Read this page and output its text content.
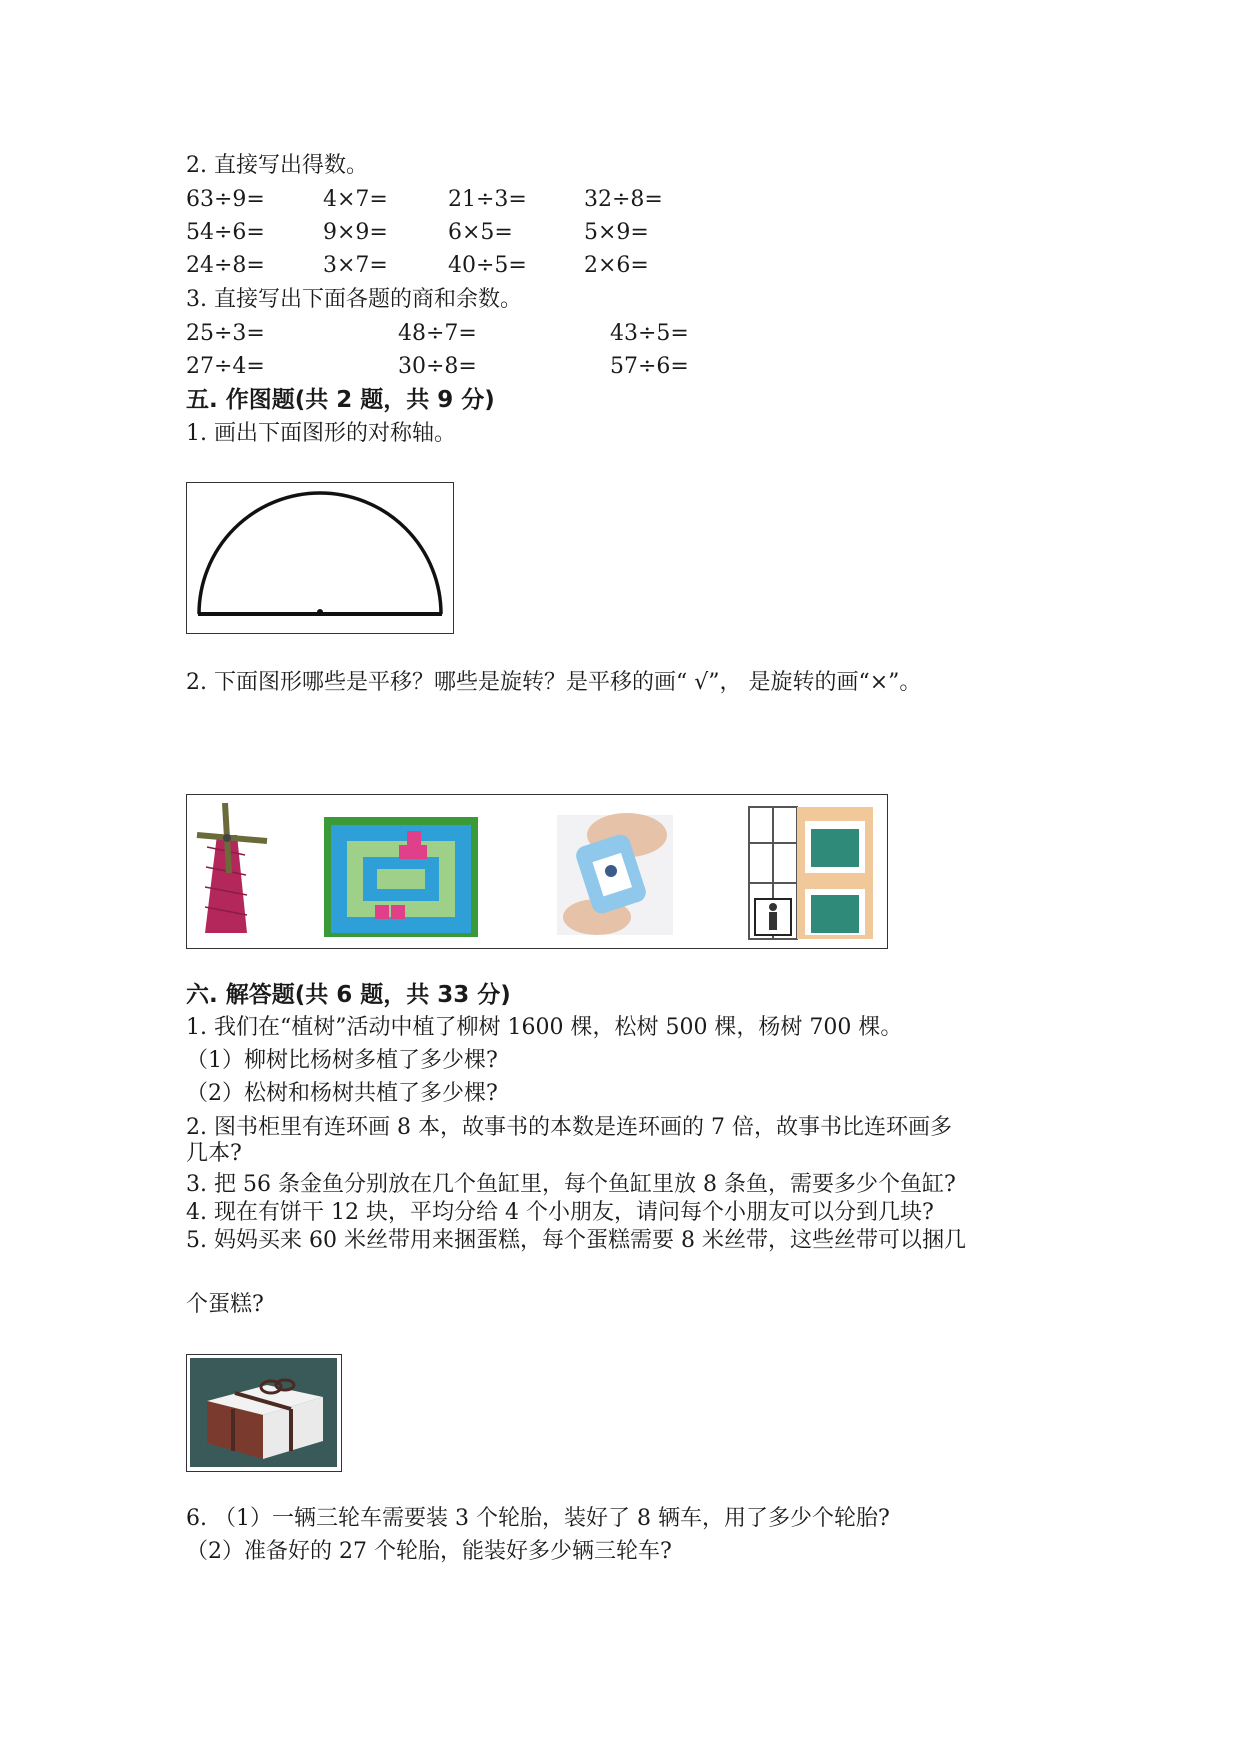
2. 直接写出得数。
63÷9=	4×7=	21÷3=	32÷8=
54÷6=	9×9=	6×5=	5×9=
24÷8=	3×7=	40÷5=	2×6=
3. 直接写出下面各题的商和余数。
25÷3=	48÷7=	43÷5=
27÷4=	30÷8=	57÷6=
五. 作图题(共 2 题，共 9 分)
1. 画出下面图形的对称轴。
2. 下面图形哪些是平移？哪些是旋转？是平移的画“ √”， 是旋转的画“×”。
六. 解答题(共 6 题，共 33 分)
1. 我们在“植树”活动中植了柳树 1600 棵，松树 500 棵，杨树 700 棵。
（1）柳树比杨树多植了多少棵?
（2）松树和杨树共植了多少棵?
2. 图书柜里有连环画 8 本，故事书的本数是连环画的 7 倍，故事书比连环画多
几本?
3. 把 56 条金鱼分别放在几个鱼缸里，每个鱼缸里放 8 条鱼，需要多少个鱼缸?
4. 现在有饼干 12 块，平均分给 4 个小朋友，请问每个小朋友可以分到几块?
5. 妈妈买来 60 米丝带用来捆蛋糕，每个蛋糕需要 8 米丝带，这些丝带可以捆几
个蛋糕?
6. （1）一辆三轮车需要装 3 个轮胎，装好了 8 辆车，用了多少个轮胎?
（2）准备好的 27 个轮胎，能装好多少辆三轮车?
